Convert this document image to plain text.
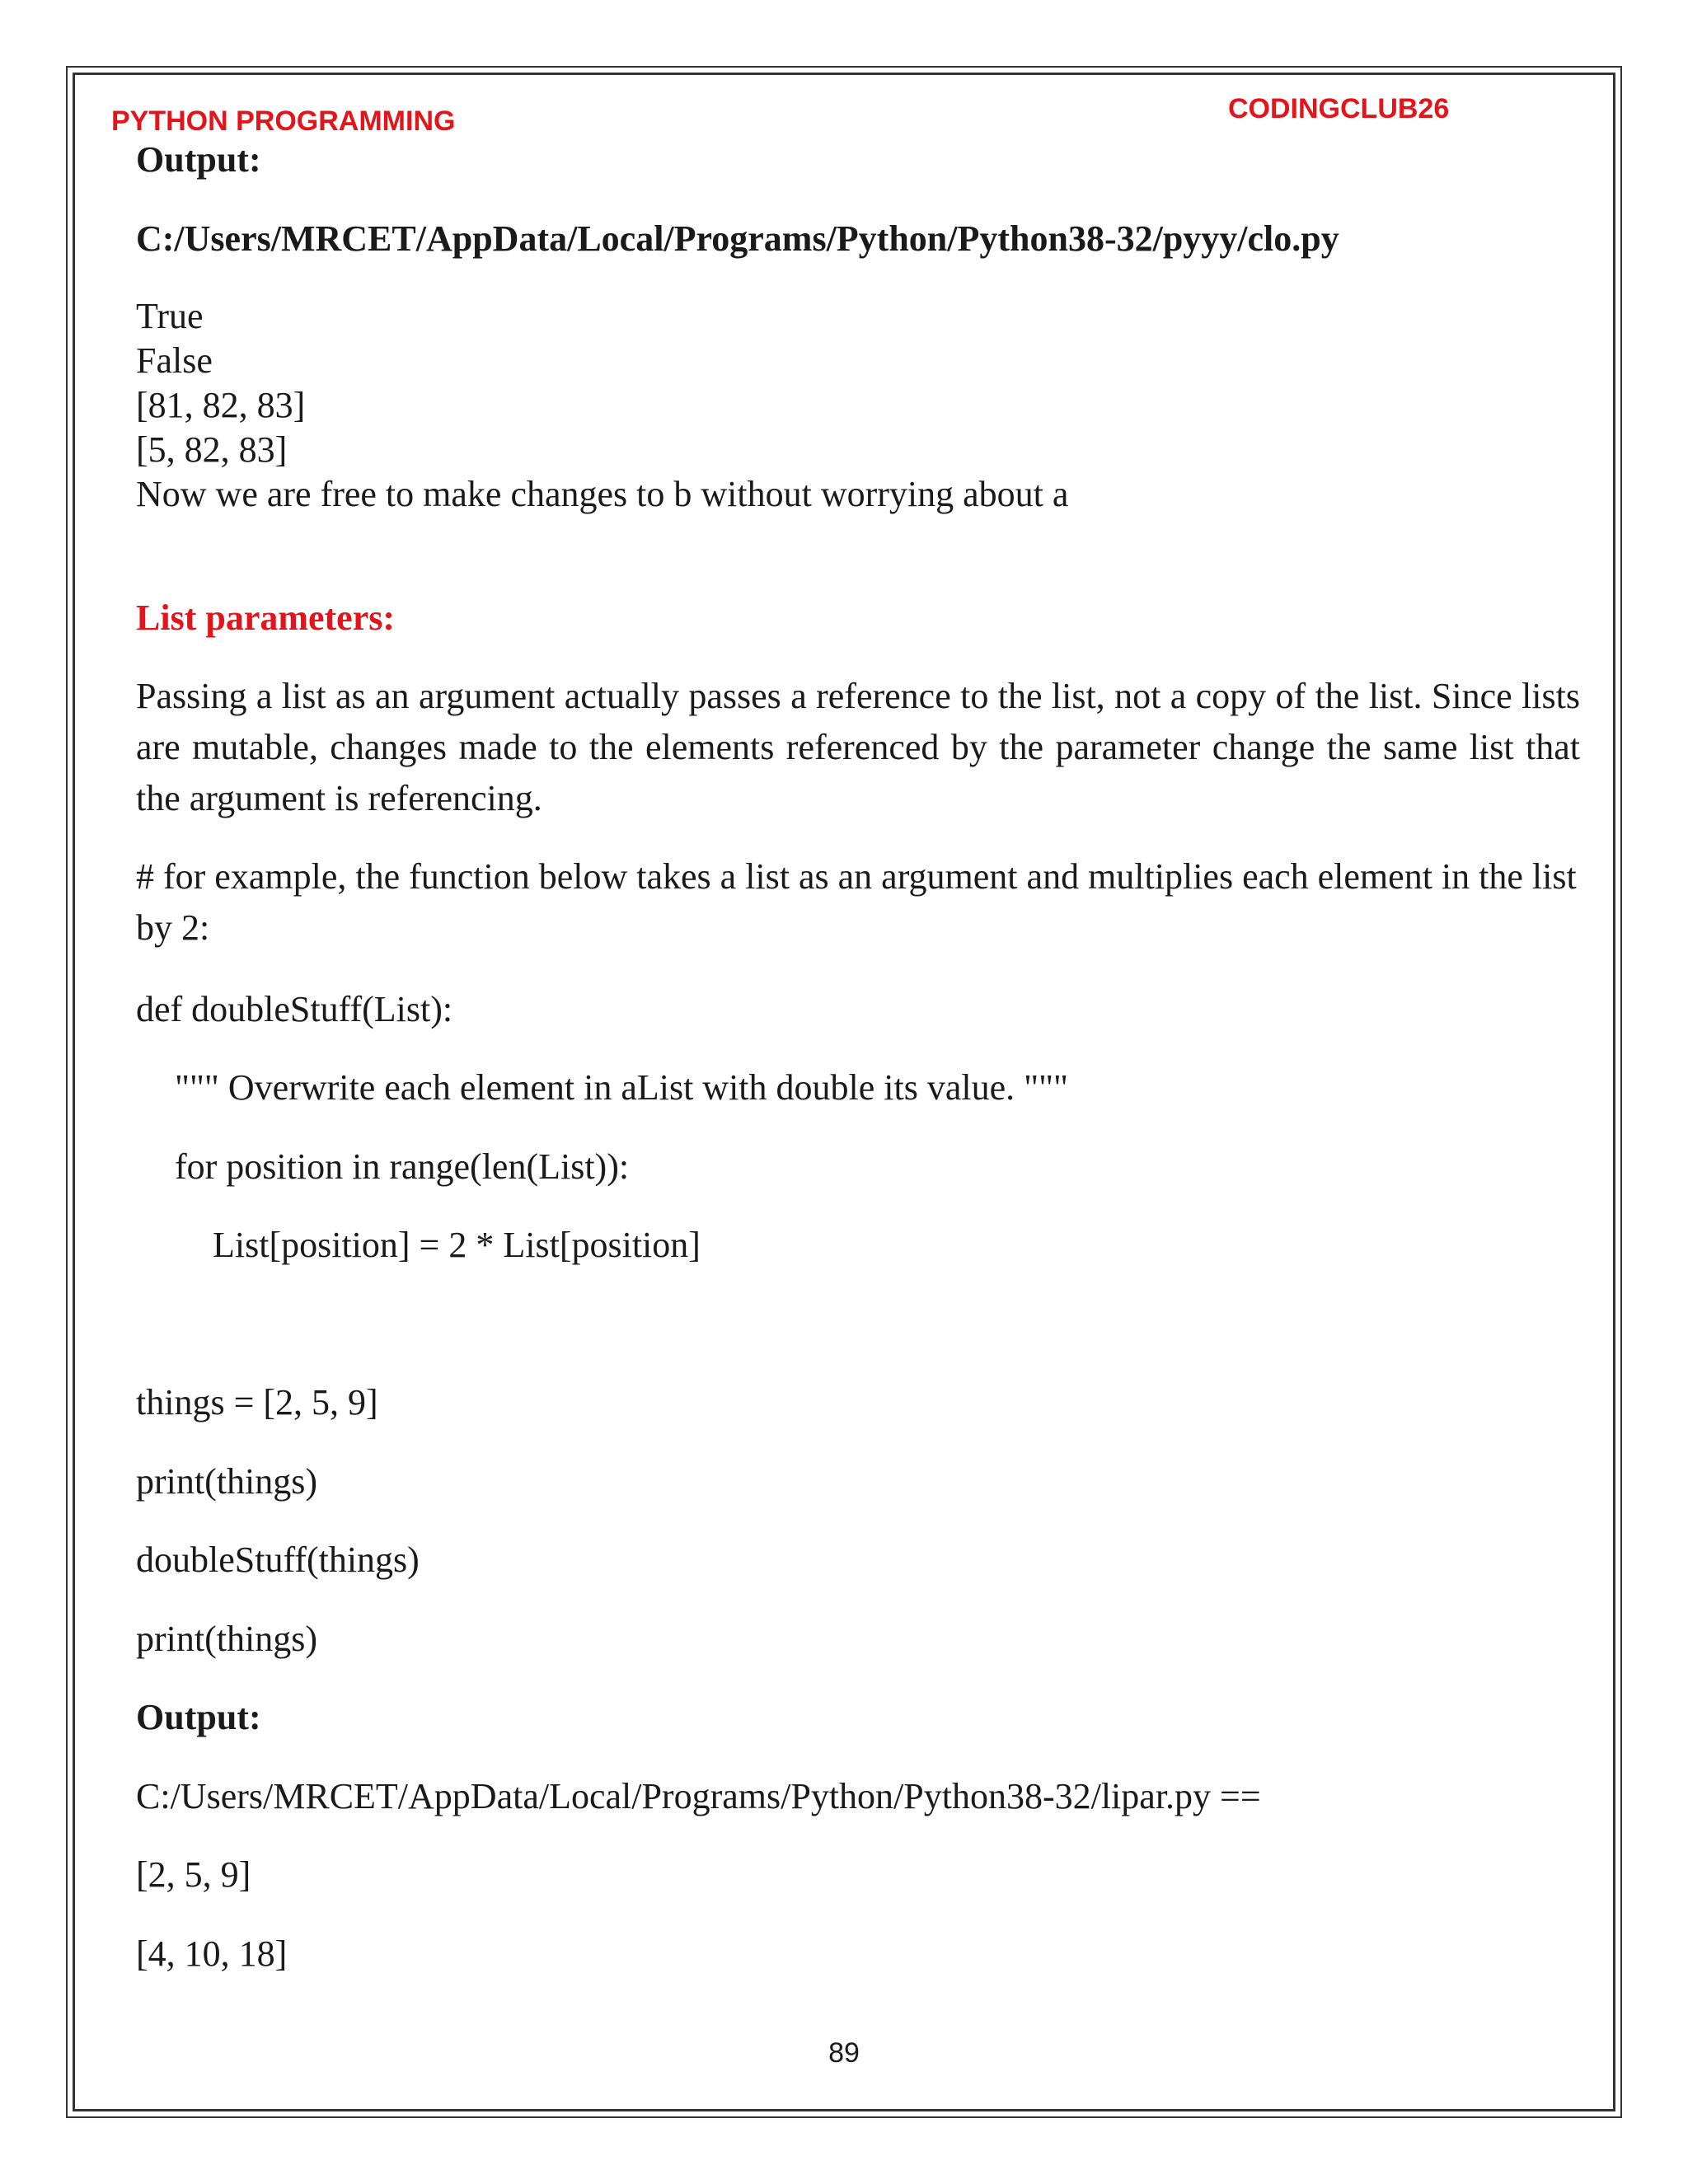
PYTHON PROGRAMMING	CODINGCLUB26
Output:
C:/Users/MRCET/AppData/Local/Programs/Python/Python38-32/pyyy/clo.py
True
False
[81, 82, 83]
[5, 82, 83]
Now we are free to make changes to b without worrying about a
List parameters:
Passing a list as an argument actually passes a reference to the list, not a copy of the list. Since lists are mutable, changes made to the elements referenced by the parameter change the same list that the argument is referencing.
# for example, the function below takes a list as an argument and multiplies each element in the list by 2:
def doubleStuff(List):
""" Overwrite each element in aList with double its value. """
for position in range(len(List)):
List[position] = 2 * List[position]
things = [2, 5, 9]
print(things)
doubleStuff(things)
print(things)
Output:
C:/Users/MRCET/AppData/Local/Programs/Python/Python38-32/lipar.py ==
[2, 5, 9]
[4, 10, 18]
89
